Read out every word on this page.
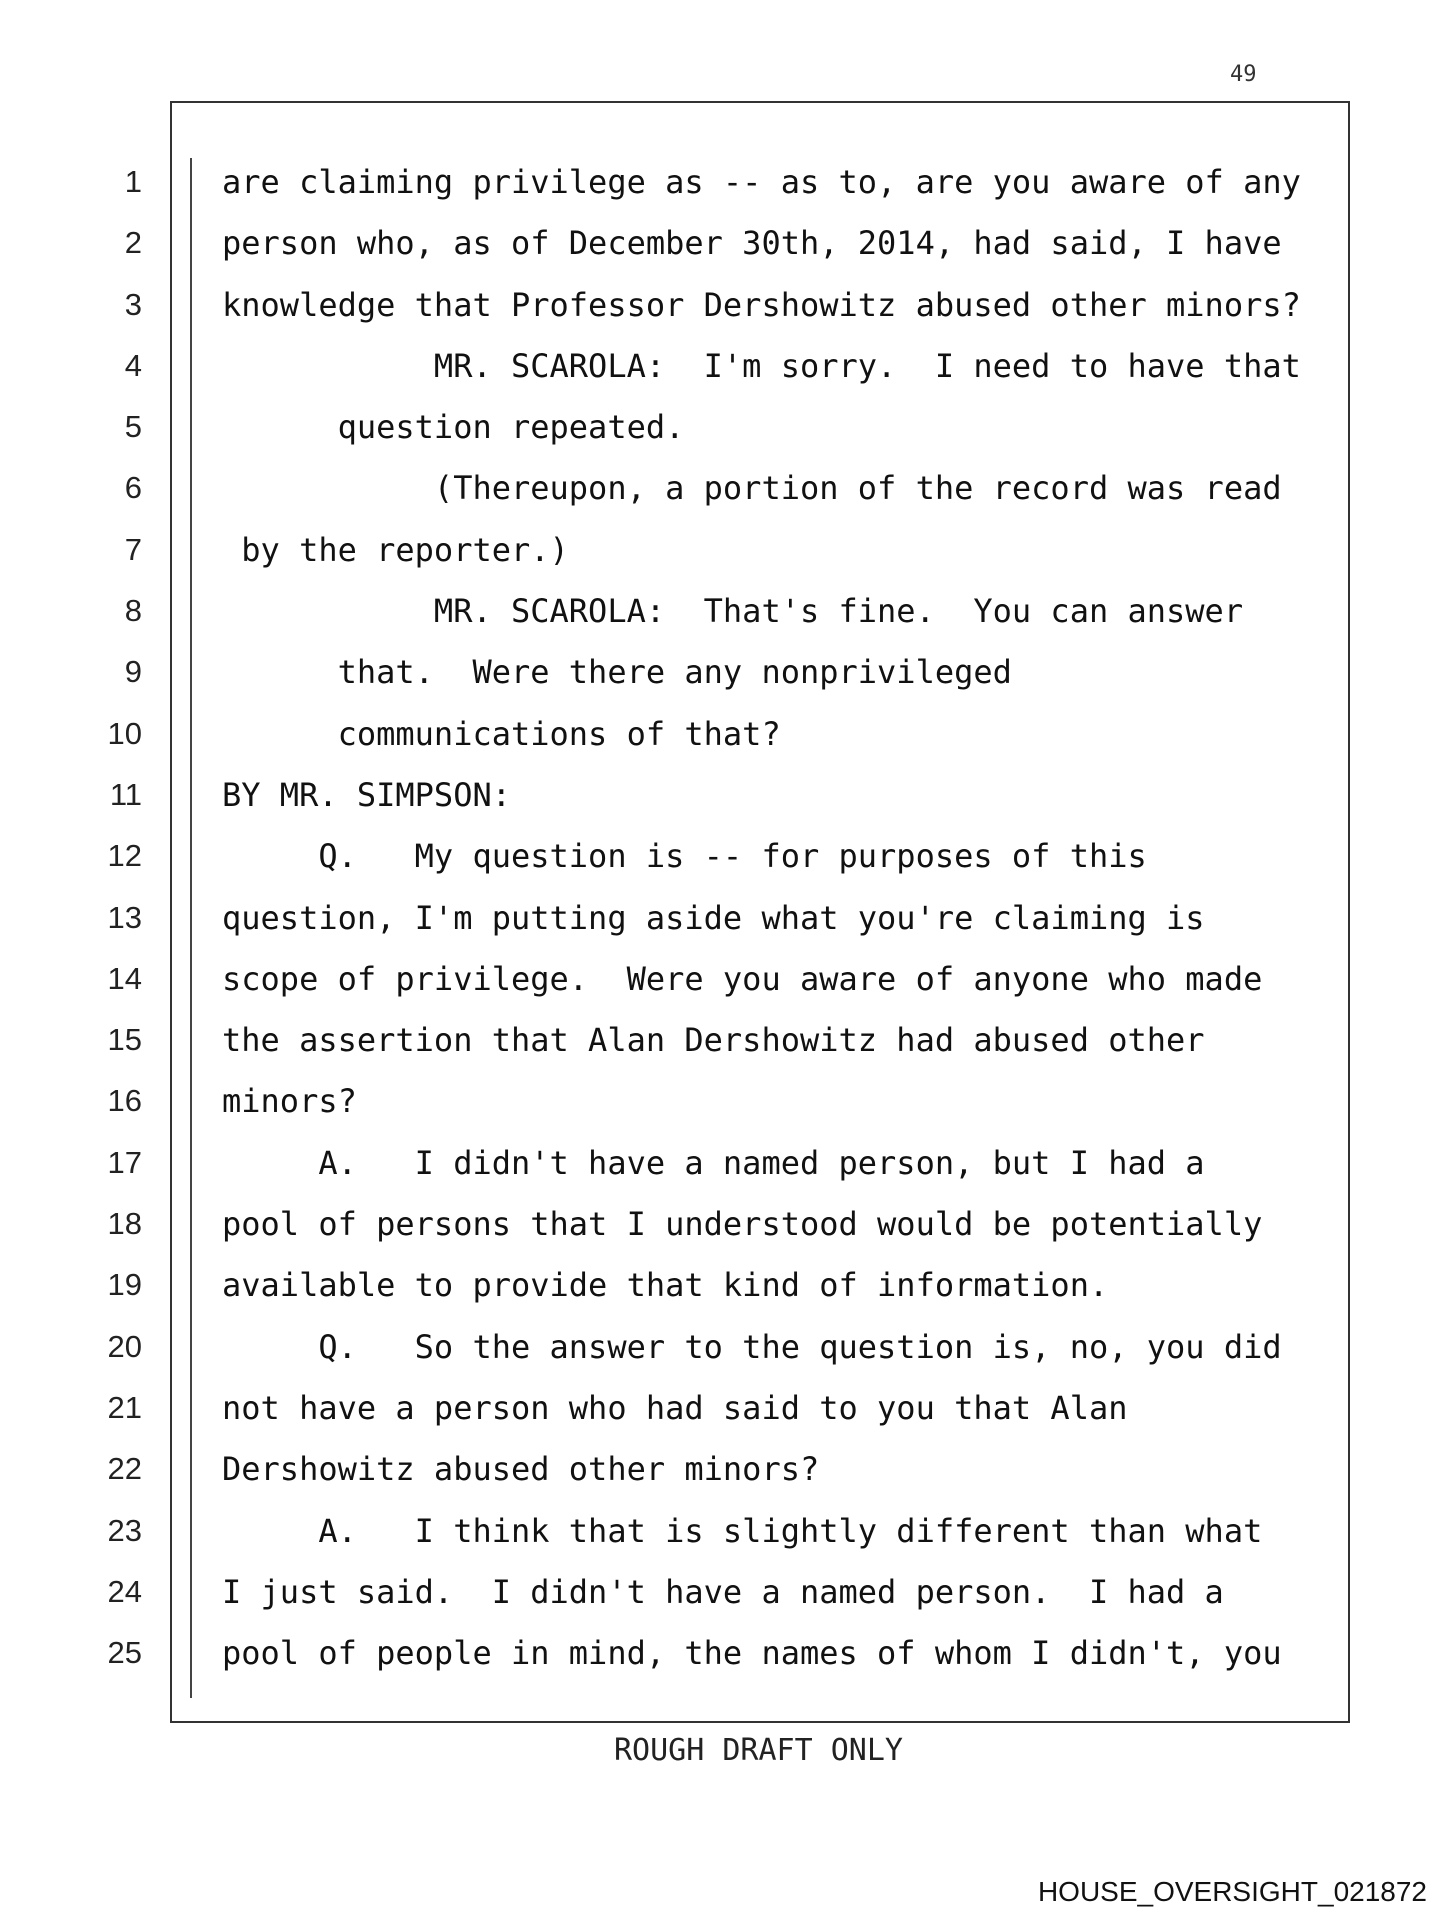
49
1
2
3
4
5
6
7
8
9
10
11
12
13
14
15
16
17
18
19
20
21
22
23
24
25
are claiming privilege as -- as to, are you aware of any
person who, as of December 30th, 2014, had said, I have
knowledge that Professor Dershowitz abused other minors?
MR. SCAROLA:  I'm sorry.  I need to have that
question repeated.
(Thereupon, a portion of the record was read
by the reporter.)
MR. SCAROLA:  That's fine.  You can answer
that.  Were there any nonprivileged
communications of that?
BY MR. SIMPSON:
Q.   My question is -- for purposes of this
question, I'm putting aside what you're claiming is
scope of privilege.  Were you aware of anyone who made
the assertion that Alan Dershowitz had abused other
minors?
A.   I didn't have a named person, but I had a
pool of persons that I understood would be potentially
available to provide that kind of information.
Q.   So the answer to the question is, no, you did
not have a person who had said to you that Alan
Dershowitz abused other minors?
A.   I think that is slightly different than what
I just said.  I didn't have a named person.  I had a
pool of people in mind, the names of whom I didn't, you
ROUGH DRAFT ONLY
HOUSE_OVERSIGHT_021872
